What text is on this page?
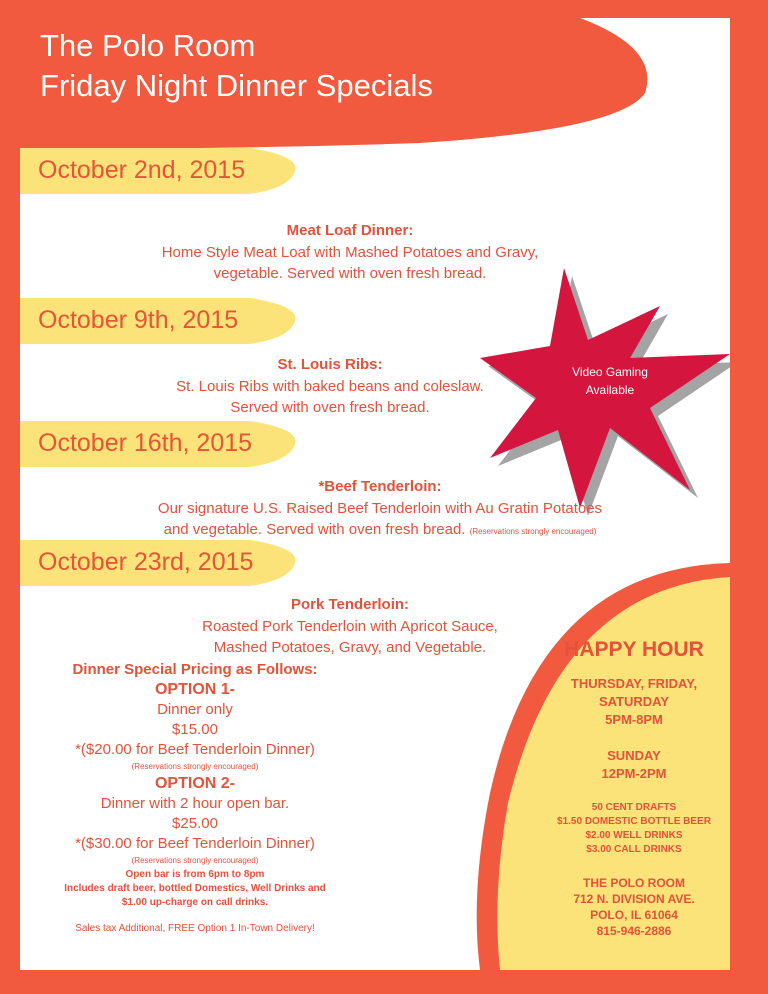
The Polo Room
Friday Night Dinner Specials
Video Gaming
Available
October 2nd, 2015
Meat Loaf Dinner:
Home Style Meat Loaf with Mashed Potatoes and Gravy,
vegetable. Served with oven fresh bread.
October 9th, 2015
St. Louis Ribs:
St. Louis Ribs with baked beans and coleslaw.
Served with oven fresh bread.
October 16th, 2015
*Beef Tenderloin:
Our signature U.S. Raised Beef Tenderloin with Au Gratin Potatoes
and vegetable. Served with oven fresh bread. (Reservations strongly encouraged)
October 23rd, 2015
Pork Tenderloin:
Roasted Pork Tenderloin with Apricot Sauce,
Mashed Potatoes, Gravy, and Vegetable.
Dinner Special Pricing as Follows:
OPTION 1-
Dinner only
$15.00
*($20.00 for Beef Tenderloin Dinner)
(Reservations strongly encouraged)
OPTION 2-
Dinner with 2 hour open bar.
$25.00
*($30.00 for Beef Tenderloin Dinner)
(Reservations strongly encouraged)
Open bar is from 6pm to 8pm
Includes draft beer, bottled Domestics, Well Drinks and
$1.00 up-charge on call drinks.
Sales tax Additional, FREE Option 1 In-Town Delivery!
HAPPY HOUR
THURSDAY, FRIDAY,
SATURDAY
5PM-8PM
SUNDAY
12PM-2PM
50 CENT DRAFTS
$1.50 DOMESTIC BOTTLE BEER
$2.00 WELL DRINKS
$3.00 CALL DRINKS
THE POLO ROOM
712 N. DIVISION AVE.
POLO, IL 61064
815-946-2886
